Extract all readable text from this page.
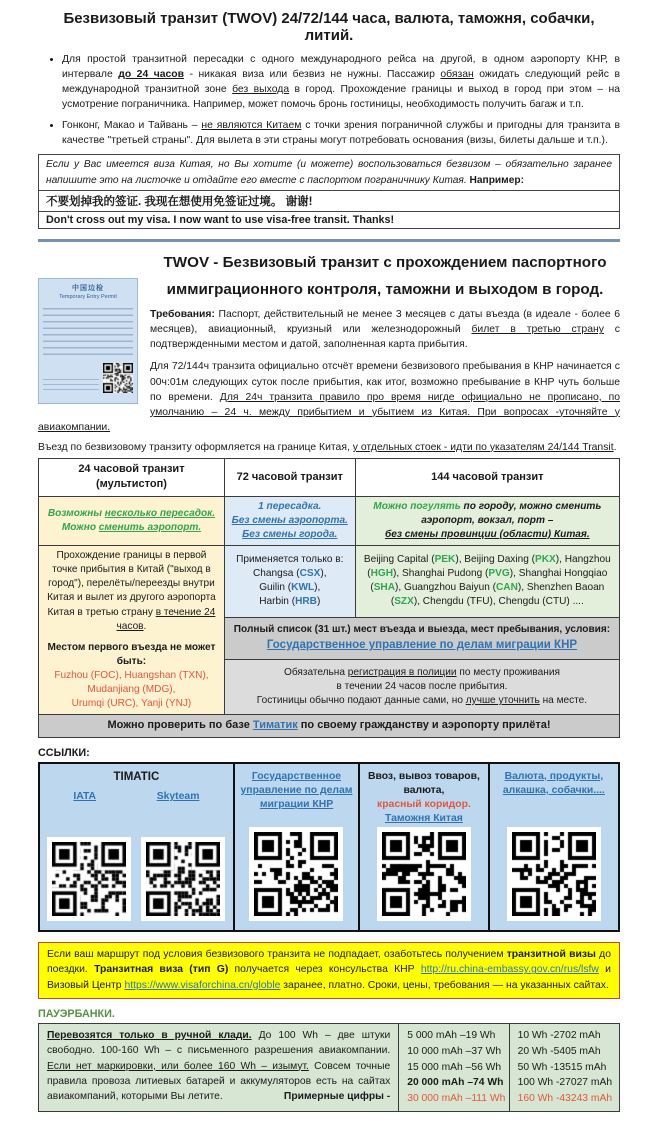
Безвизовый транзит (TWOV) 24/72/144 часа, валюта, таможня, собачки, литий.
• Для простой транзитной пересадки с одного международного рейса на другой, в одном аэропорту КНР, в интервале до 24 часов - никакая виза или безвиз не нужны. Пассажир обязан ожидать следующий рейс в международной транзитной зоне без выхода в город. Прохождение границы и выход в город при этом – на усмотрение пограничника. Например, может помочь бронь гостиницы, необходимость получить багаж и т.п.
• Гонконг, Макао и Тайвань – не являются Китаем с точки зрения пограничной службы и пригодны для транзита в качестве "третьей страны". Для вылета в эти страны могут потребовать основания (визы, билеты дальше и т.п.).
Если у Вас имеется виза Китая, но Вы хотите (и можете) воспользоваться безвизом – обязательно заранее напишите это на листочке и отдайте его вместе с паспортом пограничнику Китая. Например:
不要划掉我的签证. 我现在想使用免签证过境。 谢谢!
Don't cross out my visa. I now want to use visa-free transit. Thanks!
中国边检
Temporary Entry Permit
TWOV - Безвизовый транзит с прохождением паспортного иммиграционного контроля, таможни и выходом в город.

Требования: Паспорт, действительный не менее 3 месяцев с даты въезда (в идеале - более 6 месяцев), авиационный, круизный или железнодорожный билет в третью страну с подтвержденными местом и датой, заполненная карта прибытия.

Для 72/144ч транзита официально отсчёт времени безвизового пребывания в КНР начинается с 00ч:01м следующих суток после прибытия, как итог, возможно пребывание в КНР чуть больше по времени. Для 24ч транзита правило про время нигде официально не прописано, по умолчанию – 24 ч. между прибытием и убытием из Китая. При вопросах -уточняйте у авиакомпании.

Въезд по безвизовому транзиту оформляется на границе Китая, у отдельных стоек - идти по указателям 24/144 Transit.
24 часовой транзит (мультистоп)	72 часовой транзит	144 часовой транзит

Возможны несколько пересадок.
Можно сменить аэропорт.

1 пересадка.
Без смены аэропорта.
Без смены города.

Можно погулять по городу, можно сменить аэропорт, вокзал, порт –
без смены провинции (области) Китая.

Прохождение границы в первой точке прибытия в Китай ("выход в город"), перелёты/переезды внутри Китая и вылет из другого аэропорта Китая в третью страну в течение 24 часов.
Местом первого въезда не может быть:
Fuzhou (FOC), Huangshan (TXN),
Mudanjiang (MDG),
Urumqi (URC), Yanji (YNJ)

Применяется только в:
Changsa (CSX),
Guilin (KWL),
Harbin (HRB)
	Beijing Capital (PEK), Beijing Daxing (PKX), Hangzhou (HGH), Shanghai Pudong (PVG), Shanghai Hongqiao (SHA), Guangzhou Baiyun (CAN), Shenzhen Baoan (SZX), Chengdu (TFU), Chengdu (CTU) ....

	Полный список (31 шт.) мест въезда и выезда, мест пребывания, условия:
Государственное управление по делам миграции КНР	

	Обязательна регистрация в полиции по месту проживания
в течении 24 часов после прибытия.
Гостиницы обычно подают данные сами, но лучше уточнить на месте.	

Можно проверить по базе Тиматик по своему гражданству и аэропорту прилёта!		
ССЫЛКИ:
TIMATIC
IATA	Skyteam
Государственное управление по делам миграции КНР
Ввоз, вывоз товаров, валюта,
красный коридор.
Таможня Китая
Валюта, продукты, алкашка, собачки....
Если ваш маршрут под условия безвизового транзита не подпадает, озаботьтесь получением транзитной визы до поездки. Транзитная виза (тип G) получается через консульства КНР http://ru.china-embassy.gov.cn/rus/lsfw и Визовый Центр https://www.visaforchina.cn/globle заранее, платно. Сроки, цены, требования — на указанных сайтах.
ПАУЭРБАНКИ.
Перевозятся только в ручной клади. До 100 Wh – две штуки свободно. 100-160 Wh – с письменного разрешения авиакомпании. Если нет маркировки, или более 160 Wh – изымут. Совсем точные правила провоза литиевых батарей и аккумуляторов есть на сайтах авиакомпаний, которыми Вы летите.	Примерные цифры -

5 000 mAh –19 Wh
10 000 mAh –37 Wh
15 000 mAh –56 Wh
20 000 mAh –74 Wh
30 000 mAh –111 Wh

10 Wh -2702 mAh
20 Wh -5405 mAh
50 Wh -13515 mAh
100 Wh -27027 mAh
160 Wh -43243 mAh
